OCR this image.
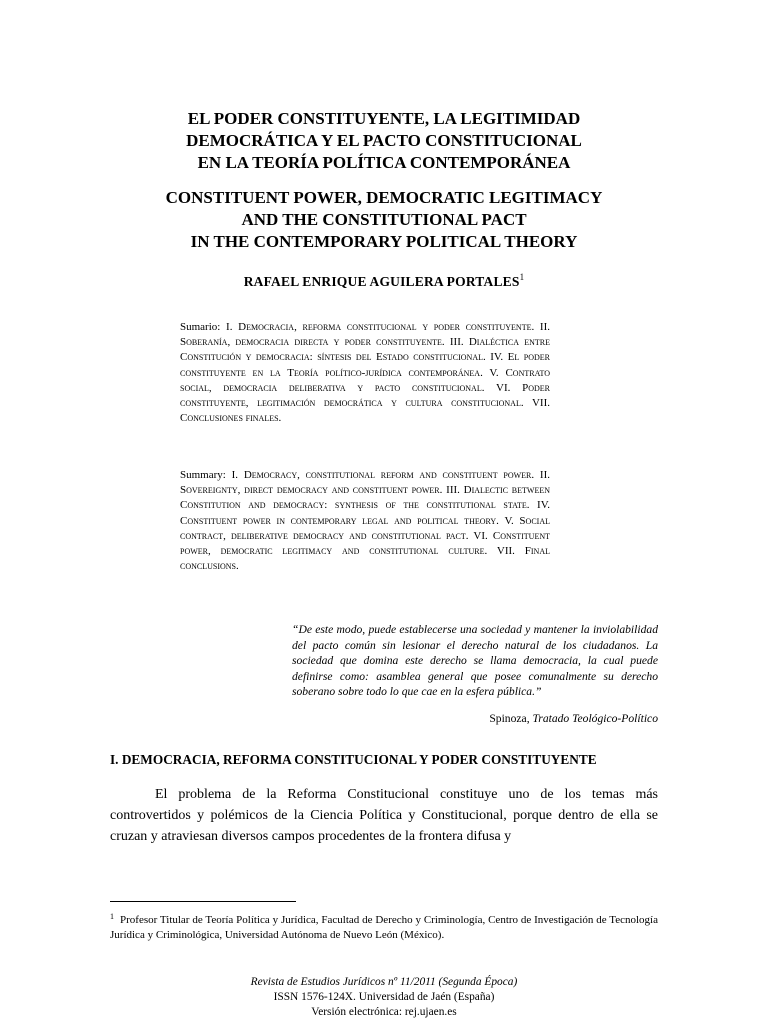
EL PODER CONSTITUYENTE, LA LEGITIMIDAD
DEMOCRÁTICA Y EL PACTO CONSTITUCIONAL
EN LA TEORÍA POLÍTICA CONTEMPORÁNEA
CONSTITUENT POWER, DEMOCRATIC LEGITIMACY
AND THE CONSTITUTIONAL PACT
IN THE CONTEMPORARY POLITICAL THEORY
RAFAEL ENRIQUE AGUILERA PORTALES$^1$
Sumario: I. Democracia, reforma constitucional y poder constituyente. II. Soberanía, democracia directa y poder constituyente. III. Dialéctica entre Constitución y democracia: síntesis del Estado constitucional. IV. El poder constituyente en la Teoría político-jurídica contemporánea. V. Contrato social, democracia deliberativa y pacto constitucional. VI. Poder constituyente, legitimación democrática y cultura constitucional. VII. Conclusiones finales.
Summary: I. Democracy, constitutional reform and constituent power. II. Sovereignty, direct democracy and constituent power. III. Dialectic between Constitution and democracy: synthesis of the constitutional state. IV. Constituent power in contemporary legal and political theory. V. Social contract, deliberative democracy and constitutional pact. VI. Constituent power, democratic legitimacy and constitutional culture. VII. Final conclusions.
“De este modo, puede establecerse una sociedad y mantener la inviolabilidad del pacto común sin lesionar el derecho natural de los ciudadanos. La sociedad que domina este derecho se llama democracia, la cual puede definirse como: asamblea general que posee comunalmente su derecho soberano sobre todo lo que cae en la esfera pública.”
Spinoza, Tratado Teológico-Político
I. DEMOCRACIA, REFORMA CONSTITUCIONAL Y PODER CONSTITUYENTE
El problema de la Reforma Constitucional constituye uno de los temas más controvertidos y polémicos de la Ciencia Política y Constitucional, porque dentro de ella se cruzan y atraviesan diversos campos procedentes de la frontera difusa y
$^1$ Profesor Titular de Teoría Política y Jurídica, Facultad de Derecho y Criminología, Centro de Investigación de Tecnología Jurídica y Criminológica, Universidad Autónoma de Nuevo León (México).
Revista de Estudios Jurídicos nº 11/2011 (Segunda Época)
ISSN 1576-124X. Universidad de Jaén (España)
Versión electrónica: rej.ujaen.es
